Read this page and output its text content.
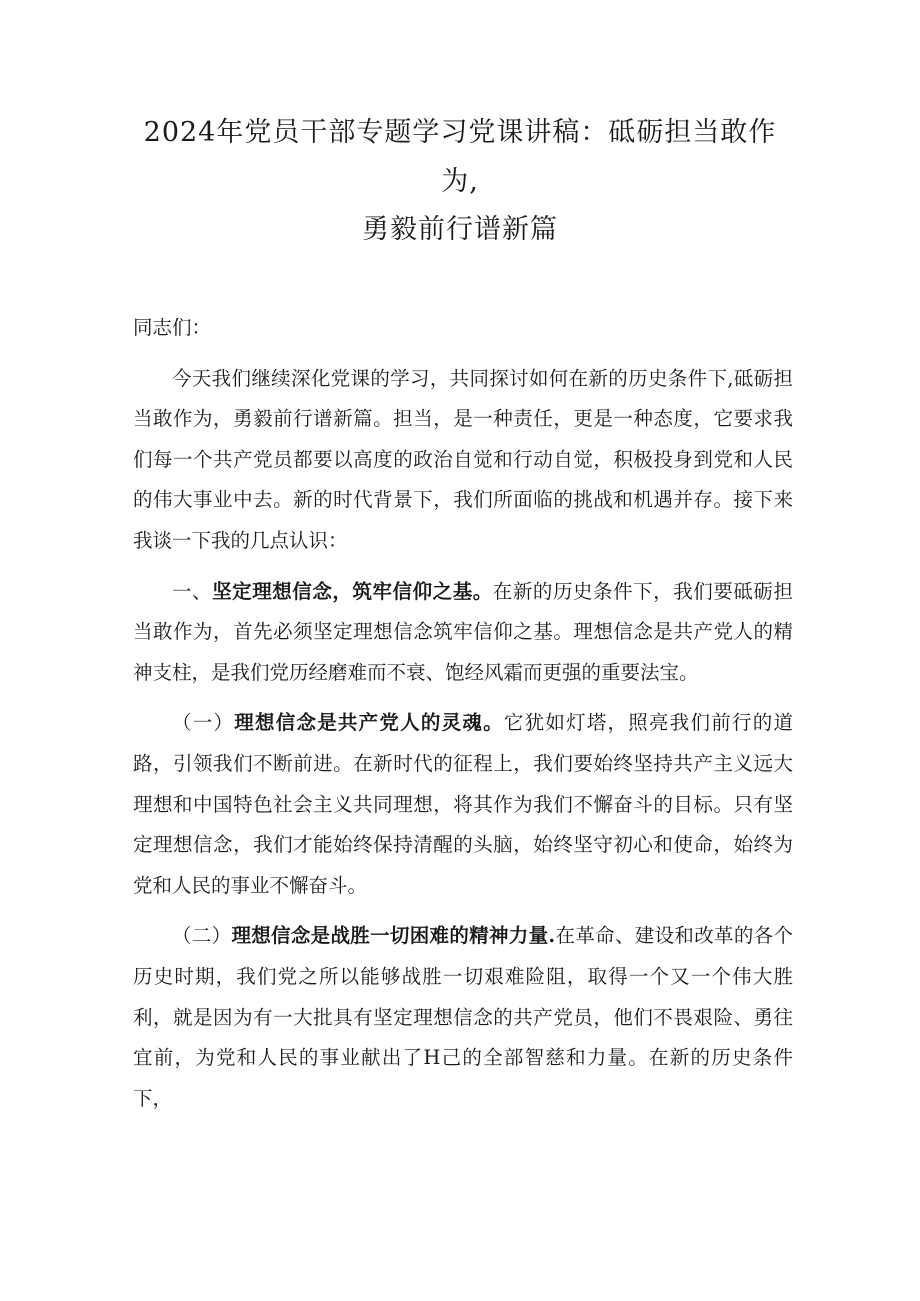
2024年党员干部专题学习党课讲稿：砥砺担当敢作
为,
勇毅前行谱新篇

同志们：

今天我们继续深化党课的学习，共同探讨如何在新的历史条件下,砥砺担当敢作为，勇毅前行谱新篇。担当，是一种责任，更是一种态度，它要求我们每一个共产党员都要以高度的政治自觉和行动自觉，积极投身到党和人民的伟大事业中去。新的时代背景下，我们所面临的挑战和机遇并存。接下来我谈一下我的几点认识：

一、坚定理想信念，筑牢信仰之基。在新的历史条件下，我们要砥砺担当敢作为，首先必须坚定理想信念筑牢信仰之基。理想信念是共产党人的精神支柱，是我们党历经磨难而不衰、饱经风霜而更强的重要法宝。

（一）理想信念是共产党人的灵魂。它犹如灯塔，照亮我们前行的道路，引领我们不断前进。在新时代的征程上，我们要始终坚持共产主义远大理想和中国特色社会主义共同理想，将其作为我们不懈奋斗的目标。只有坚定理想信念，我们才能始终保持清醒的头脑，始终坚守初心和使命，始终为党和人民的事业不懈奋斗。

（二）理想信念是战胜一切困难的精神力量.在革命、建设和改革的各个历史时期，我们党之所以能够战胜一切艰难险阻，取得一个又一个伟大胜利，就是因为有一大批具有坚定理想信念的共产党员，他们不畏艰险、勇往宜前，为党和人民的事业献出了H己的全部智慈和力量。在新的历史条件下，
